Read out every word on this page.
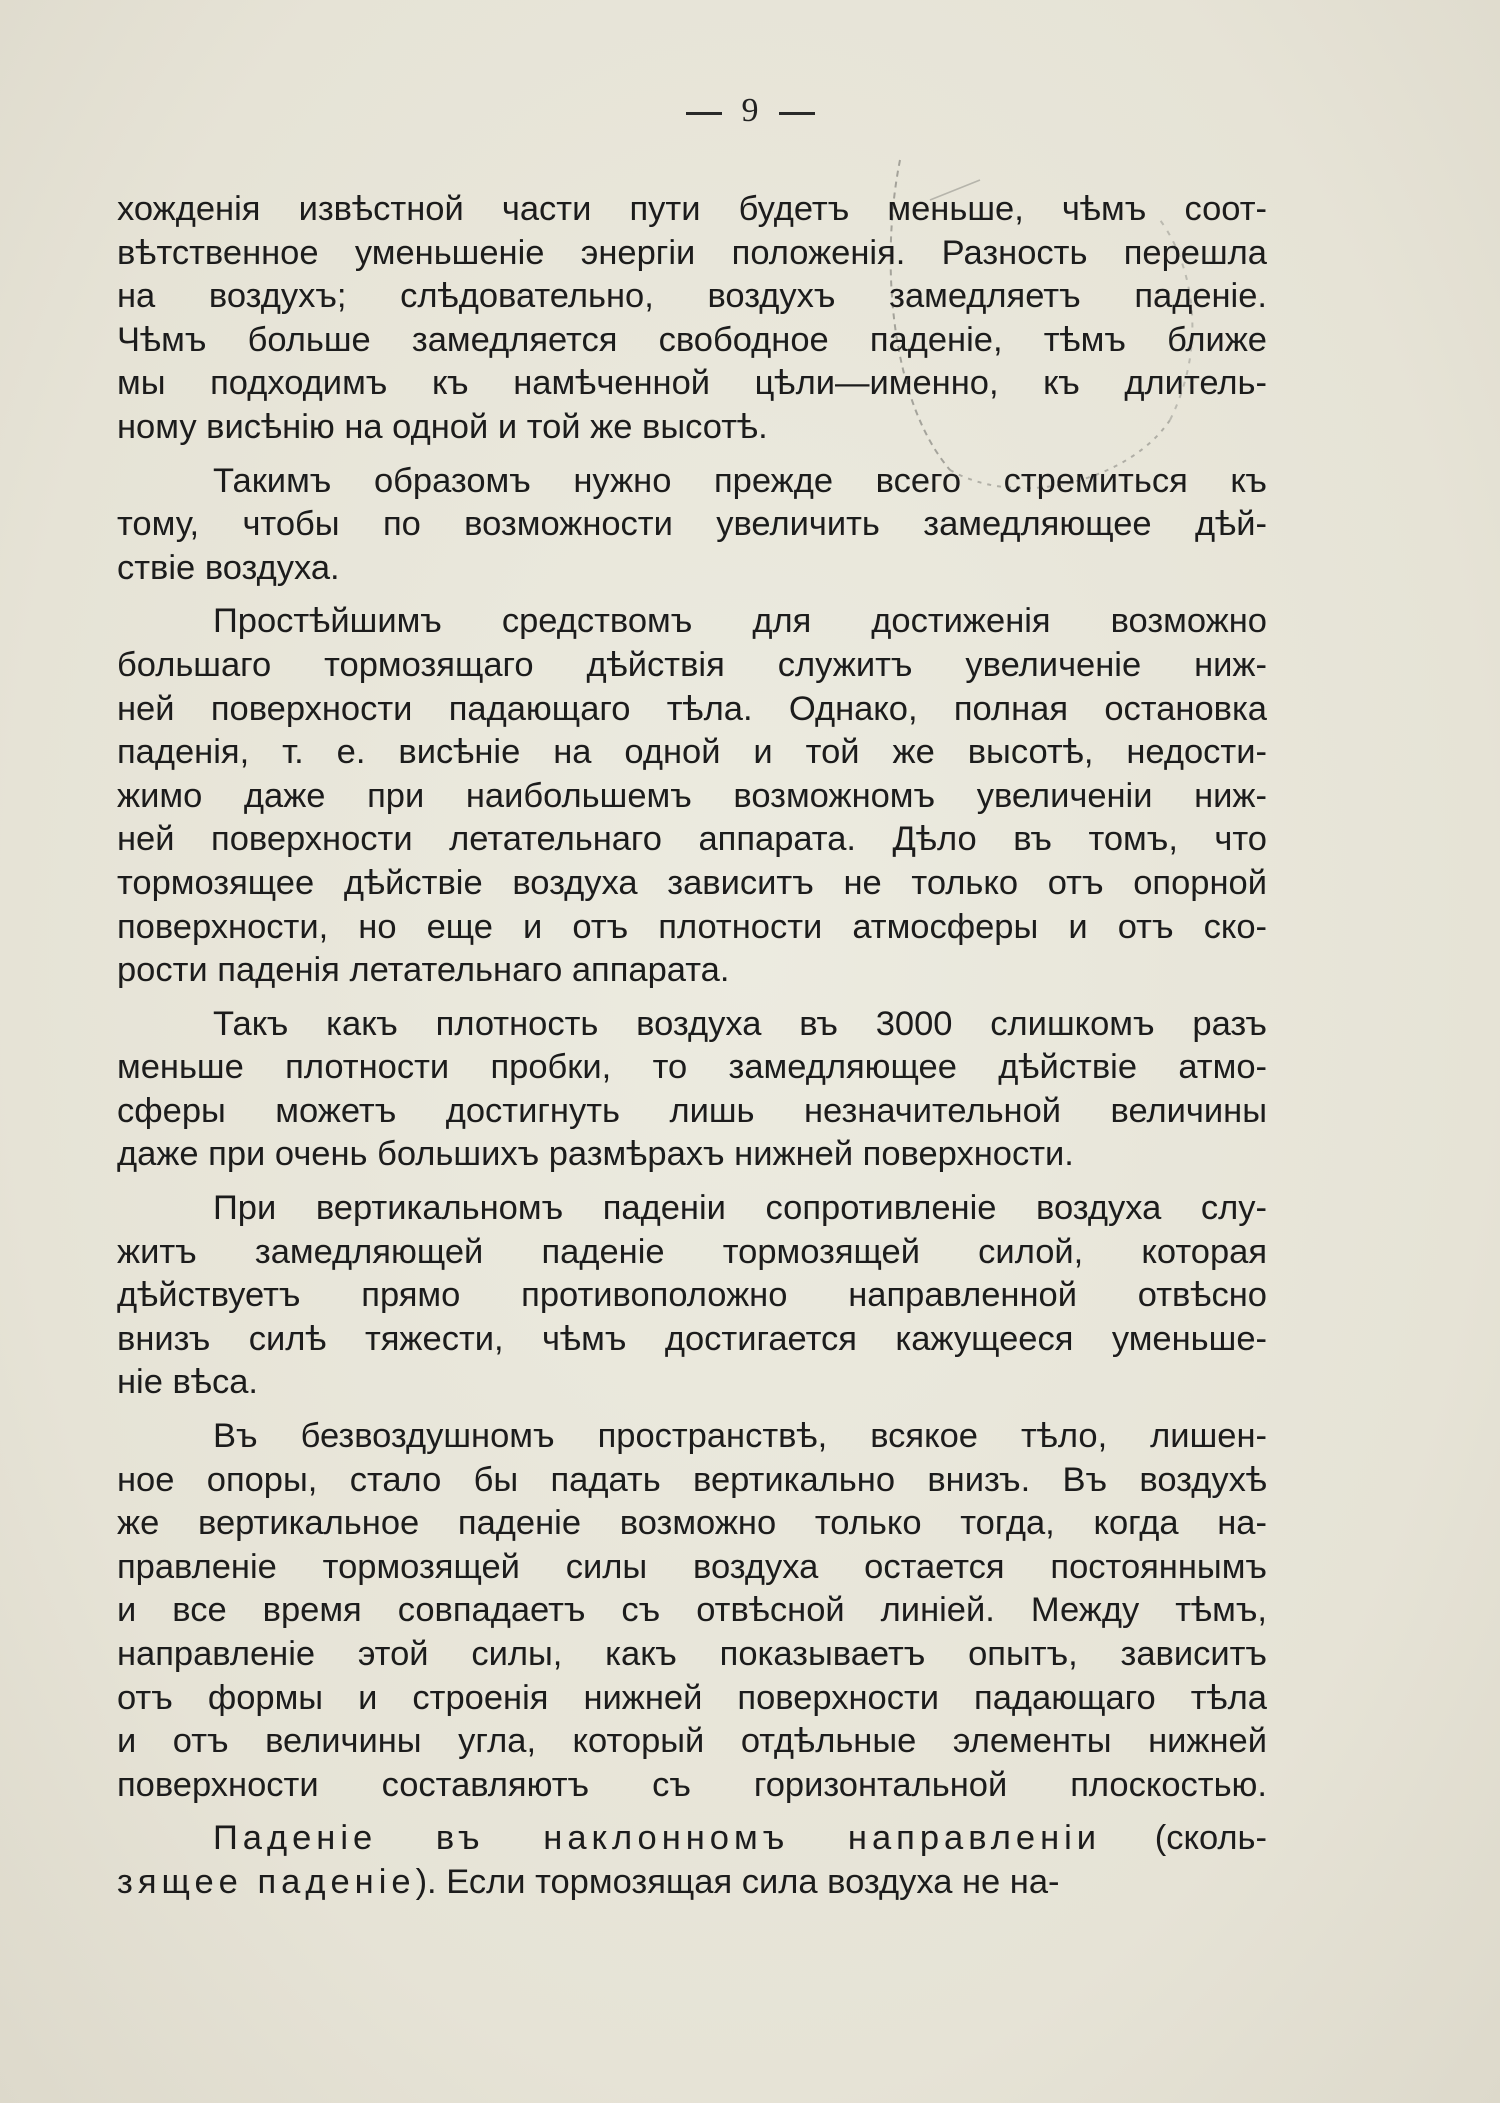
9
хожденія извѣстной части пути будетъ меньше, чѣмъ соот-
вѣтственное уменьшеніе энергіи положенія. Разность перешла
на воздухъ; слѣдовательно, воздухъ замедляетъ паденіе.
Чѣмъ больше замедляется свободное паденіе, тѣмъ ближе
мы подходимъ къ намѣченной цѣли—именно, къ длитель-
ному висѣнію на одной и той же высотѣ.
Такимъ образомъ нужно прежде всего стремиться къ
тому, чтобы по возможности увеличить замедляющее дѣй-
ствіе воздуха.
Простѣйшимъ средствомъ для достиженія возможно
большаго тормозящаго дѣйствія служитъ увеличеніе ниж-
ней поверхности падающаго тѣла. Однако, полная остановка
паденія, т. е. висѣніе на одной и той же высотѣ, недости-
жимо даже при наибольшемъ возможномъ увеличеніи ниж-
ней поверхности летательнаго аппарата. Дѣло въ томъ, что
тормозящее дѣйствіе воздуха зависитъ не только отъ опорной
поверхности, но еще и отъ плотности атмосферы и отъ ско-
рости паденія летательнаго аппарата.
Такъ какъ плотность воздуха въ 3000 слишкомъ разъ
меньше плотности пробки, то замедляющее дѣйствіе атмо-
сферы можетъ достигнуть лишь незначительной величины
даже при очень большихъ размѣрахъ нижней поверхности.
При вертикальномъ паденіи сопротивленіе воздуха слу-
житъ замедляющей паденіе тормозящей силой, которая
дѣйствуетъ прямо противоположно направленной отвѣсно
внизъ силѣ тяжести, чѣмъ достигается кажущееся уменьше-
ніе вѣса.
Въ безвоздушномъ пространствѣ, всякое тѣло, лишен-
ное опоры, стало бы падать вертикально внизъ. Въ воздухѣ
же вертикальное паденіе возможно только тогда, когда на-
правленіе тормозящей силы воздуха остается постояннымъ
и все время совпадаетъ съ отвѣсной линіей. Между тѣмъ,
направленіе этой силы, какъ показываетъ опытъ, зависитъ
отъ формы и строенія нижней поверхности падающаго тѣла
и отъ величины угла, который отдѣльные элементы нижней
поверхности составляютъ съ горизонтальной плоскостью.
Паденіе въ наклонномъ направленіи (сколь-
зящее паденіе). Если тормозящая сила воздуха не на-
